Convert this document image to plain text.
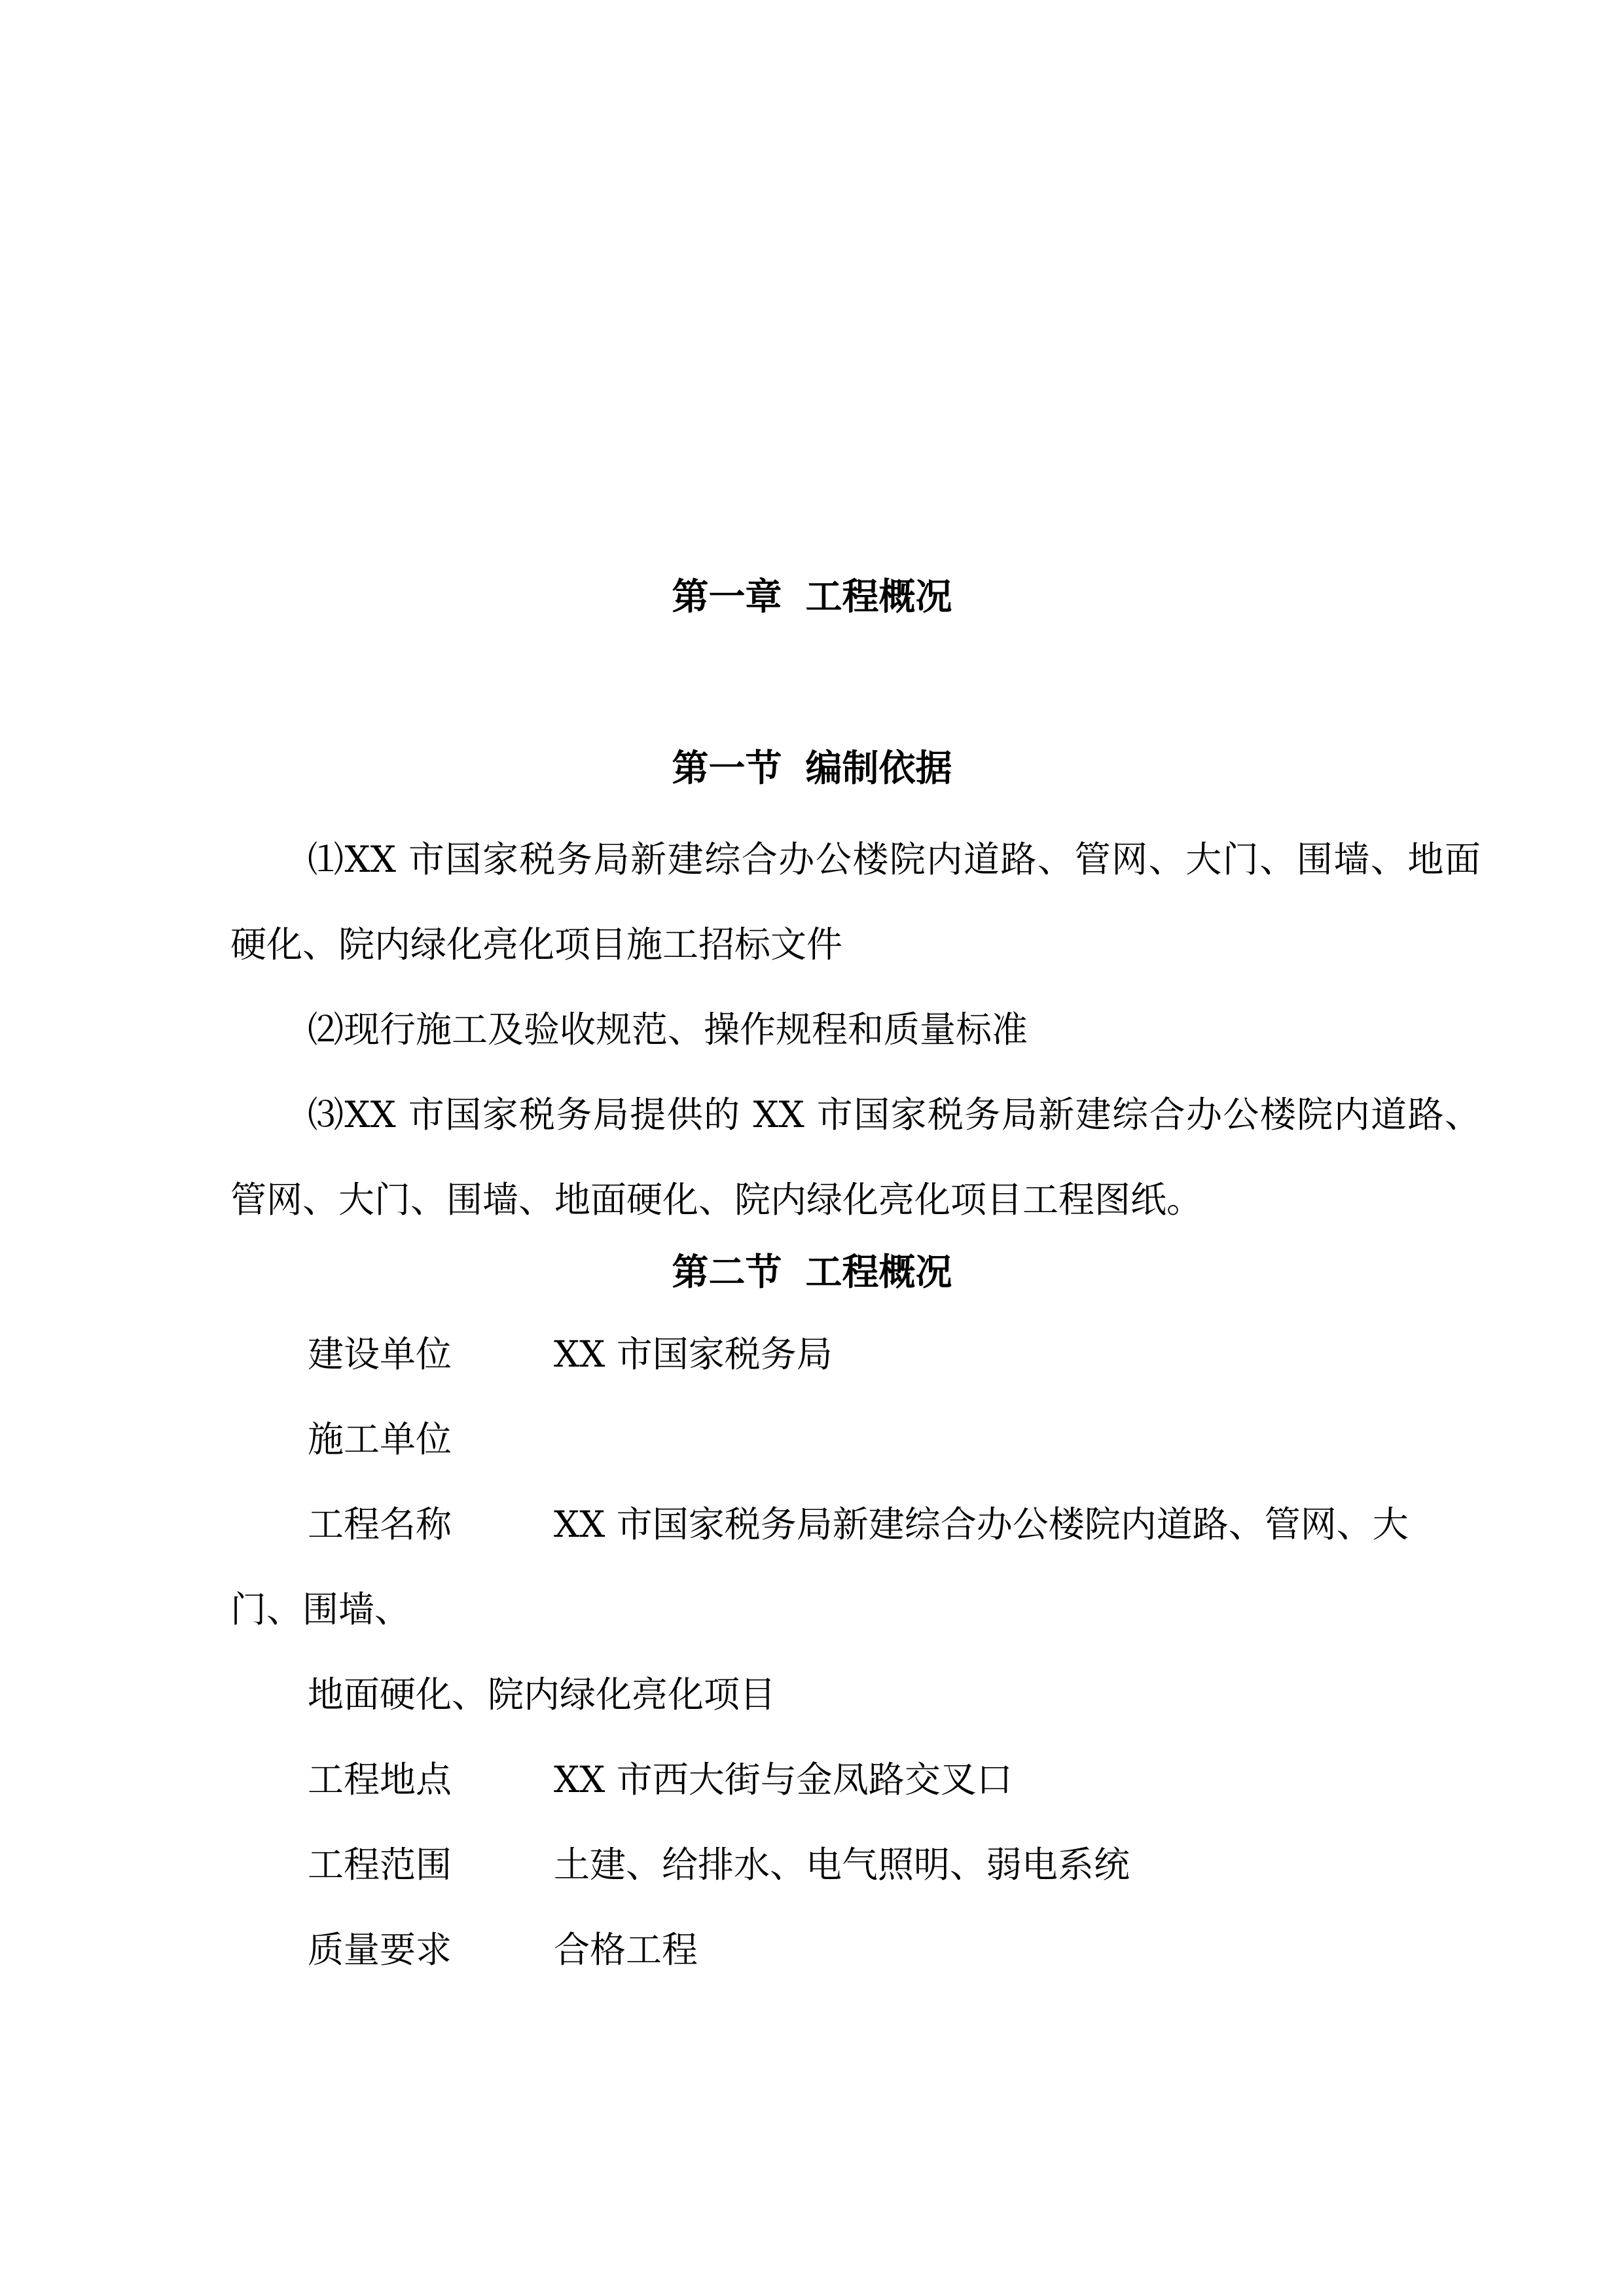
第一章 工程概况
第一节 编制依据

⑴XX 市国家税务局新建综合办公楼院内道路、管网、大门、围墙、地面硬化、院内绿化亮化项目施工招标文件

⑵现行施工及验收规范、操作规程和质量标准

⑶XX 市国家税务局提供的 XX 市国家税务局新建综合办公楼院内道路、管网、大门、围墙、地面硬化、院内绿化亮化项目工程图纸。

第二节 工程概况
建设单位	XX 市国家税务局
施工单位
工程名称	XX 市国家税务局新建综合办公楼院内道路、管网、大
门、围墙、
地面硬化、院内绿化亮化项目
工程地点	XX 市西大街与金凤路交叉口
工程范围	土建、给排水、电气照明、弱电系统
质量要求	合格工程
